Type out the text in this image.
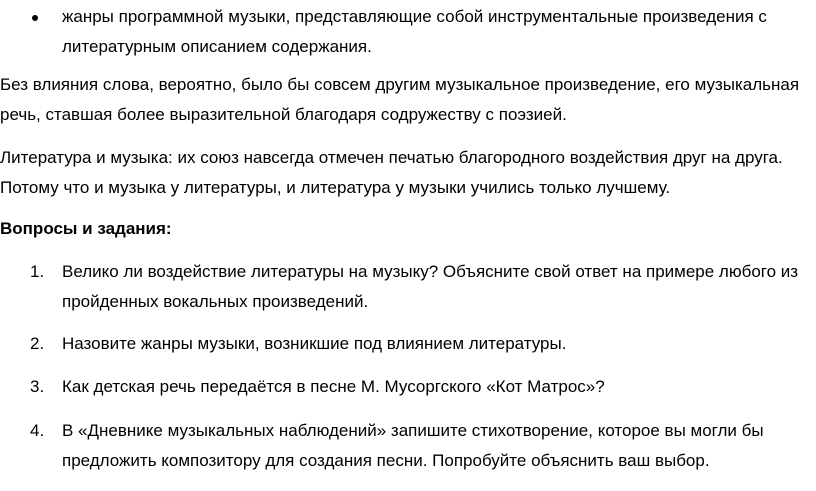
жанры программной музыки, представляющие собой инструментальные произведения с литературным описанием содержания.

Без влияния слова, вероятно, было бы совсем другим музыкальное произведение, его музыкальная речь, ставшая более выразительной благодаря содружеству с поэзией.

Литература и музыка: их союз навсегда отмечен печатью благородного воздействия друг на друга. Потому что и музыка у литературы, и литература у музыки учились только лучшему.

Вопросы и задания:

1. Велико ли воздействие литературы на музыку? Объясните свой ответ на примере любого из пройденных вокальных произведений.
2. Назовите жанры музыки, возникшие под влиянием литературы.
3. Как детская речь передаётся в песне М. Мусоргского «Кот Матрос»?
4. В «Дневнике музыкальных наблюдений» запишите стихотворение, которое вы могли бы предложить композитору для создания песни. Попробуйте объяснить ваш выбор.
